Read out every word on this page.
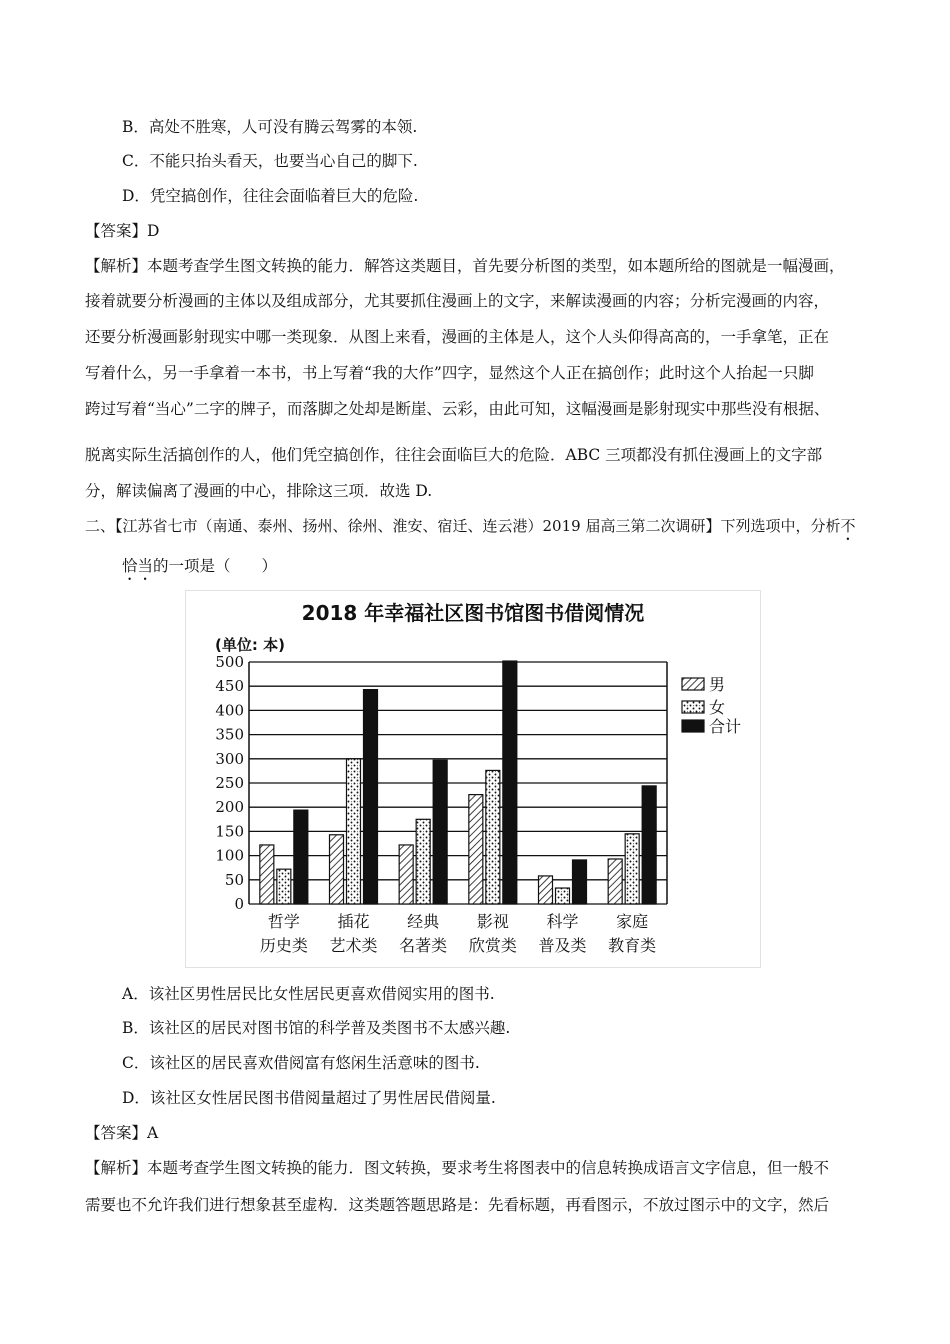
B．高处不胜寒，人可没有腾云驾雾的本领.
C．不能只抬头看天，也要当心自己的脚下.
D．凭空搞创作，往往会面临着巨大的危险.
【答案】D
【解析】本题考查学生图文转换的能力．解答这类题目，首先要分析图的类型，如本题所给的图就是一幅漫画，
接着就要分析漫画的主体以及组成部分，尤其要抓住漫画上的文字，来解读漫画的内容；分析完漫画的内容，
还要分析漫画影射现实中哪一类现象．从图上来看，漫画的主体是人，这个人头仰得高高的，一手拿笔，正在
写着什么，另一手拿着一本书，书上写着“我的大作”四字，显然这个人正在搞创作；此时这个人抬起一只脚
跨过写着“当心”二字的牌子，而落脚之处却是断崖、云彩，由此可知，这幅漫画是影射现实中那些没有根据、
脱离实际生活搞创作的人，他们凭空搞创作，往往会面临巨大的危险．ABC 三项都没有抓住漫画上的文字部
分，解读偏离了漫画的中心，排除这三项．故选 D.
二、【江苏省七市（南通、泰州、扬州、徐州、淮安、宿迁、连云港）2019 届高三第二次调研】下列选项中，分析不
恰当的一项是（　　）
2018 年幸福社区图书馆图书借阅情况
(单位: 本)
0
50
100
150
200
250
300
350
400
450
500
哲学
历史类
插花
艺术类
经典
名著类
影视
欣赏类
科学
普及类
家庭
教育类
男
女
合计
A．该社区男性居民比女性居民更喜欢借阅实用的图书.
B．该社区的居民对图书馆的科学普及类图书不太感兴趣.
C．该社区的居民喜欢借阅富有悠闲生活意味的图书.
D．该社区女性居民图书借阅量超过了男性居民借阅量.
【答案】A
【解析】本题考查学生图文转换的能力．图文转换，要求考生将图表中的信息转换成语言文字信息，但一般不
需要也不允许我们进行想象甚至虚构．这类题答题思路是：先看标题，再看图示，不放过图示中的文字，然后
